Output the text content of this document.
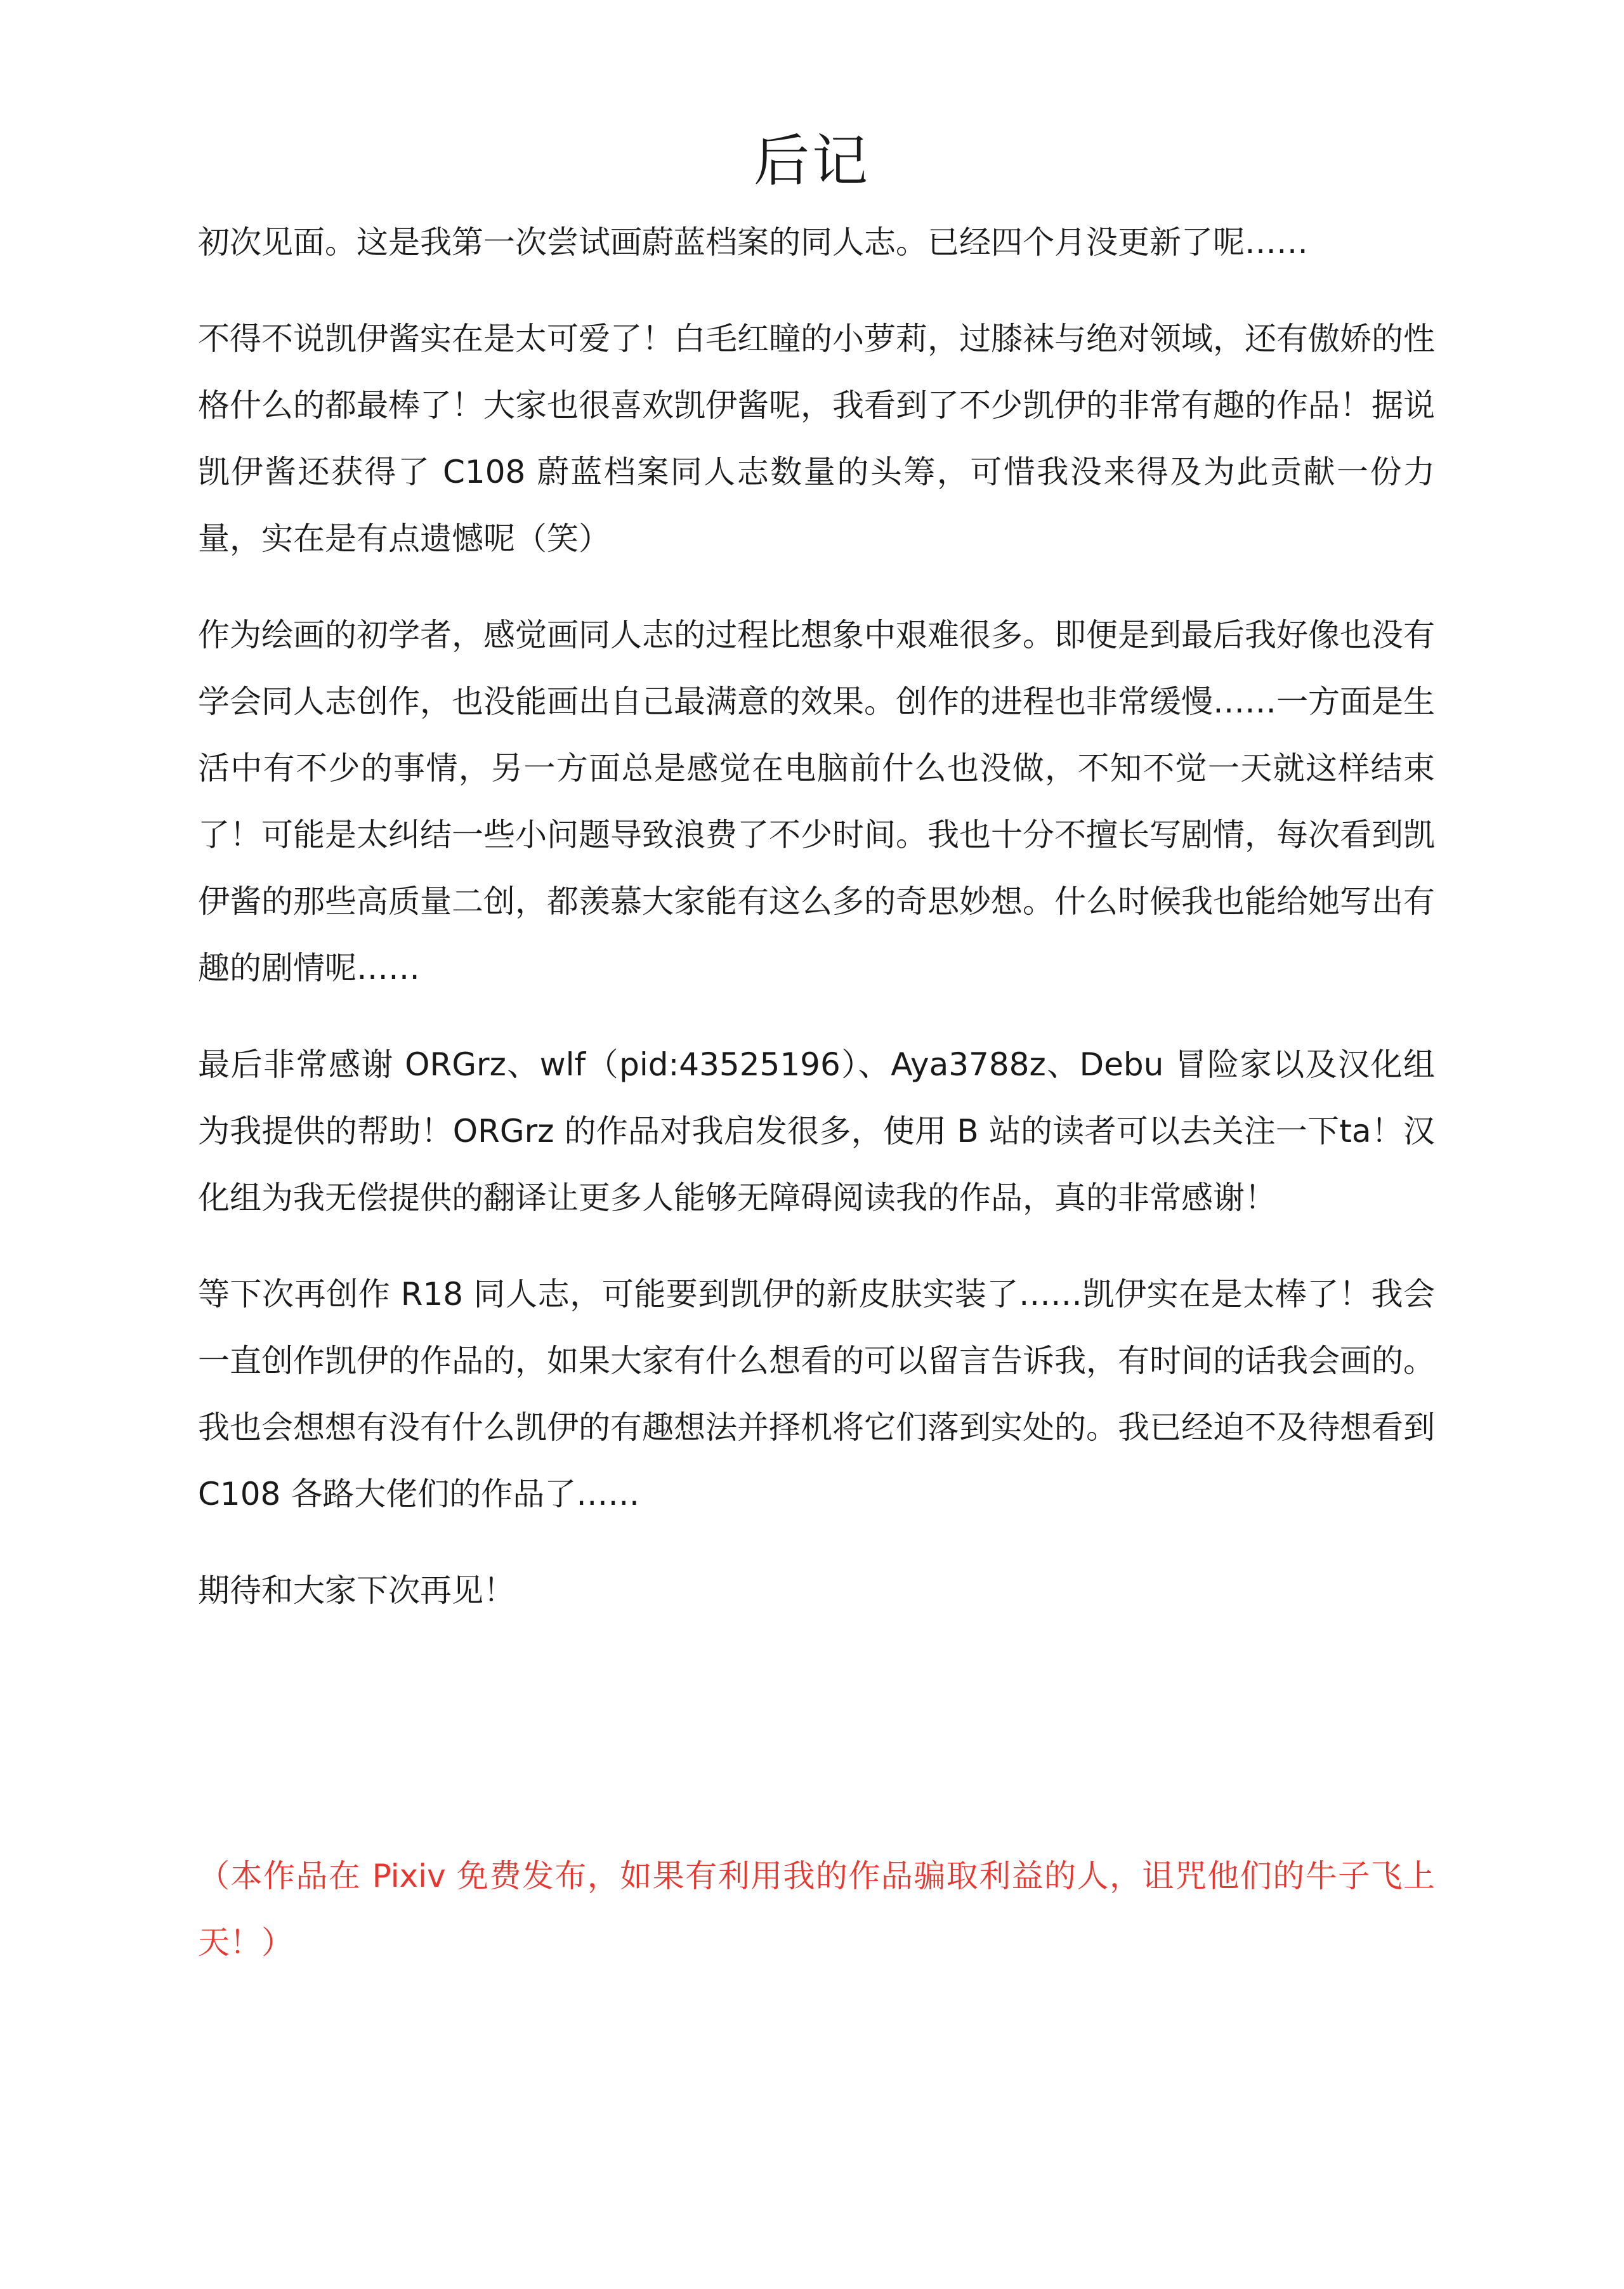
后记

初次见面。这是我第一次尝试画蔚蓝档案的同人志。已经四个月没更新了呢……

不得不说凯伊酱实在是太可爱了！白毛红瞳的小萝莉，过膝袜与绝对领域，还有傲娇的性格什么的都最棒了！大家也很喜欢凯伊酱呢，我看到了不少凯伊的非常有趣的作品！据说凯伊酱还获得了 C108 蔚蓝档案同人志数量的头筹，可惜我没来得及为此贡献一份力量，实在是有点遗憾呢（笑）

作为绘画的初学者，感觉画同人志的过程比想象中艰难很多。即便是到最后我好像也没有学会同人志创作，也没能画出自己最满意的效果。创作的进程也非常缓慢……一方面是生活中有不少的事情，另一方面总是感觉在电脑前什么也没做，不知不觉一天就这样结束了！可能是太纠结一些小问题导致浪费了不少时间。我也十分不擅长写剧情，每次看到凯伊酱的那些高质量二创，都羡慕大家能有这么多的奇思妙想。什么时候我也能给她写出有趣的剧情呢……

最后非常感谢 ORGrz、wlf（pid:43525196）、Aya3788z、Debu 冒险家以及汉化组为我提供的帮助！ORGrz 的作品对我启发很多，使用 B 站的读者可以去关注一下ta！汉化组为我无偿提供的翻译让更多人能够无障碍阅读我的作品，真的非常感谢！

等下次再创作 R18 同人志，可能要到凯伊的新皮肤实装了……凯伊实在是太棒了！我会一直创作凯伊的作品的，如果大家有什么想看的可以留言告诉我，有时间的话我会画的。我也会想想有没有什么凯伊的有趣想法并择机将它们落到实处的。我已经迫不及待想看到 C108 各路大佬们的作品了……

期待和大家下次再见！

（本作品在 Pixiv 免费发布，如果有利用我的作品骗取利益的人，诅咒他们的牛子飞上天！）
